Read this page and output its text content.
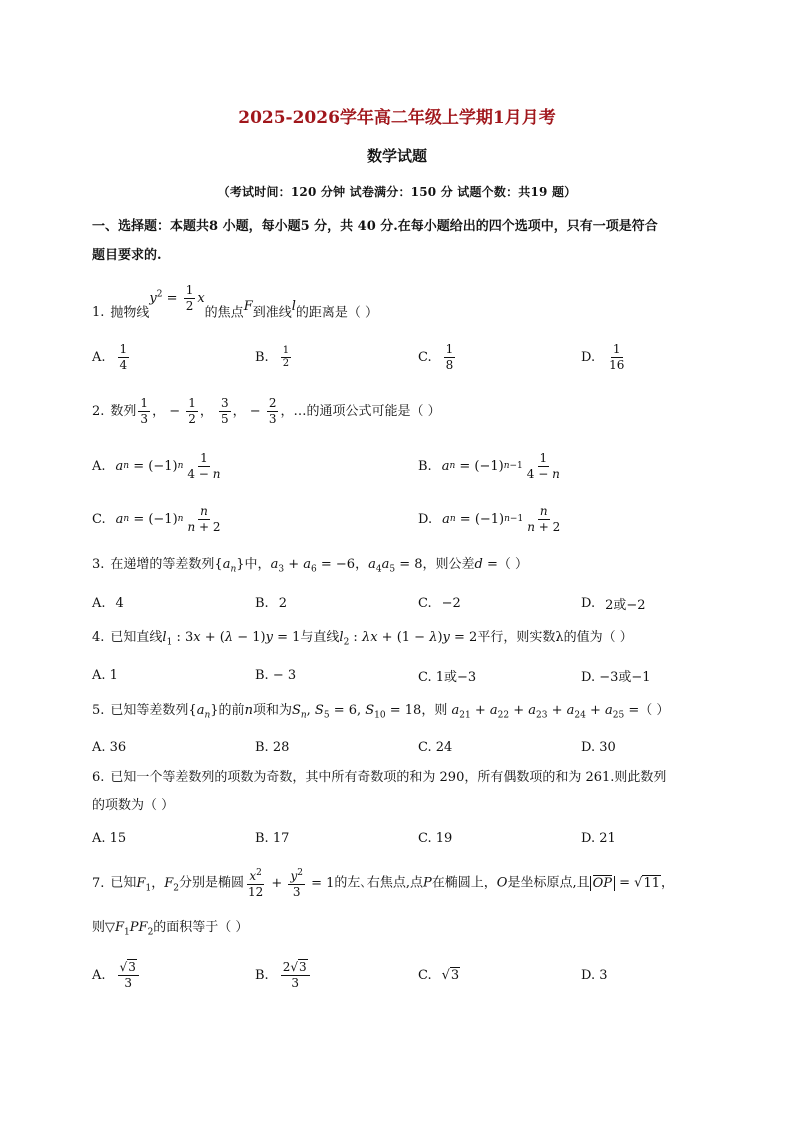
2025-2026学年高二年级上学期1月月考
数学试题
（考试时间：120 分钟 试卷满分：150 分 试题个数：共19 题）
一、选择题：本题共8 小题，每小题5 分，共 40 分.在每小题给出的四个选项中，只有一项是符合
题目要求的.
1. 抛物线$y^2 = \frac{1}{2}$ x的焦点F到准线l的距离是（ ）
A. $\frac{1}{4}$	B. $\frac{1}{2}$	C. $\frac{1}{8}$	D. $\frac{1}{16}$
2. 数列 $\frac{1}{3}$ ， − $\frac{1}{2}$ ， $\frac{3}{5}$ ， − $\frac{2}{3}$ ，…的通项公式可能是（ ）
A. a n = (−1) n $\frac{1}{4 - n}$	B. a n = (−1) $n-1 \frac{1}{4 - n}$
C. a n = (−1) n $\frac{n}{n + 2}$	D. a n = (−1) $n-1 \frac{n}{n + 2}$
3. 在递增的等差数列$\{a_n\}$中，$a_3 + a_6 = -6$，$a_4a_5 = 8$，则公差d =（ ）
A. 4	B. 2	C. −2	D. 2或−2
4. 已知直线$l_1$ : 3x + (λ − 1)y = 1与直线$l_2$ : λx + (1 − λ)y = 2平行，则实数λ的值为（ ）
A. 1	B. − 3	C. 1或−3	D. −3或−1
5. 已知等差数列$\{a_n\}$的前n项和为$S_n$, $S_5 = 6$, $S_{10} = 18$，则 $a_{21} + a_{22} + a_{23} + a_{24} + a_{25}$ =（ ）
A. 36	B. 28	C. 24	D. 30
6. 已知一个等差数列的项数为奇数，其中所有奇数项的和为 290，所有偶数项的和为 261.则此数列
的项数为（ ）
A. 15	B. 17	C. 19	D. 21
7. 已知$F_1$，$F_2$分别是椭圆 $\frac{x^2}{12} + \frac{y^2}{3} = 1$的左､右焦点,点P在椭圆上，O是坐标原点,且 OP = √11，
则$▽F_1PF_2$的面积等于（ ）
A. $\frac{√3}{3}$	B. $\frac{2√3}{3}$	C. √3	D. 3
